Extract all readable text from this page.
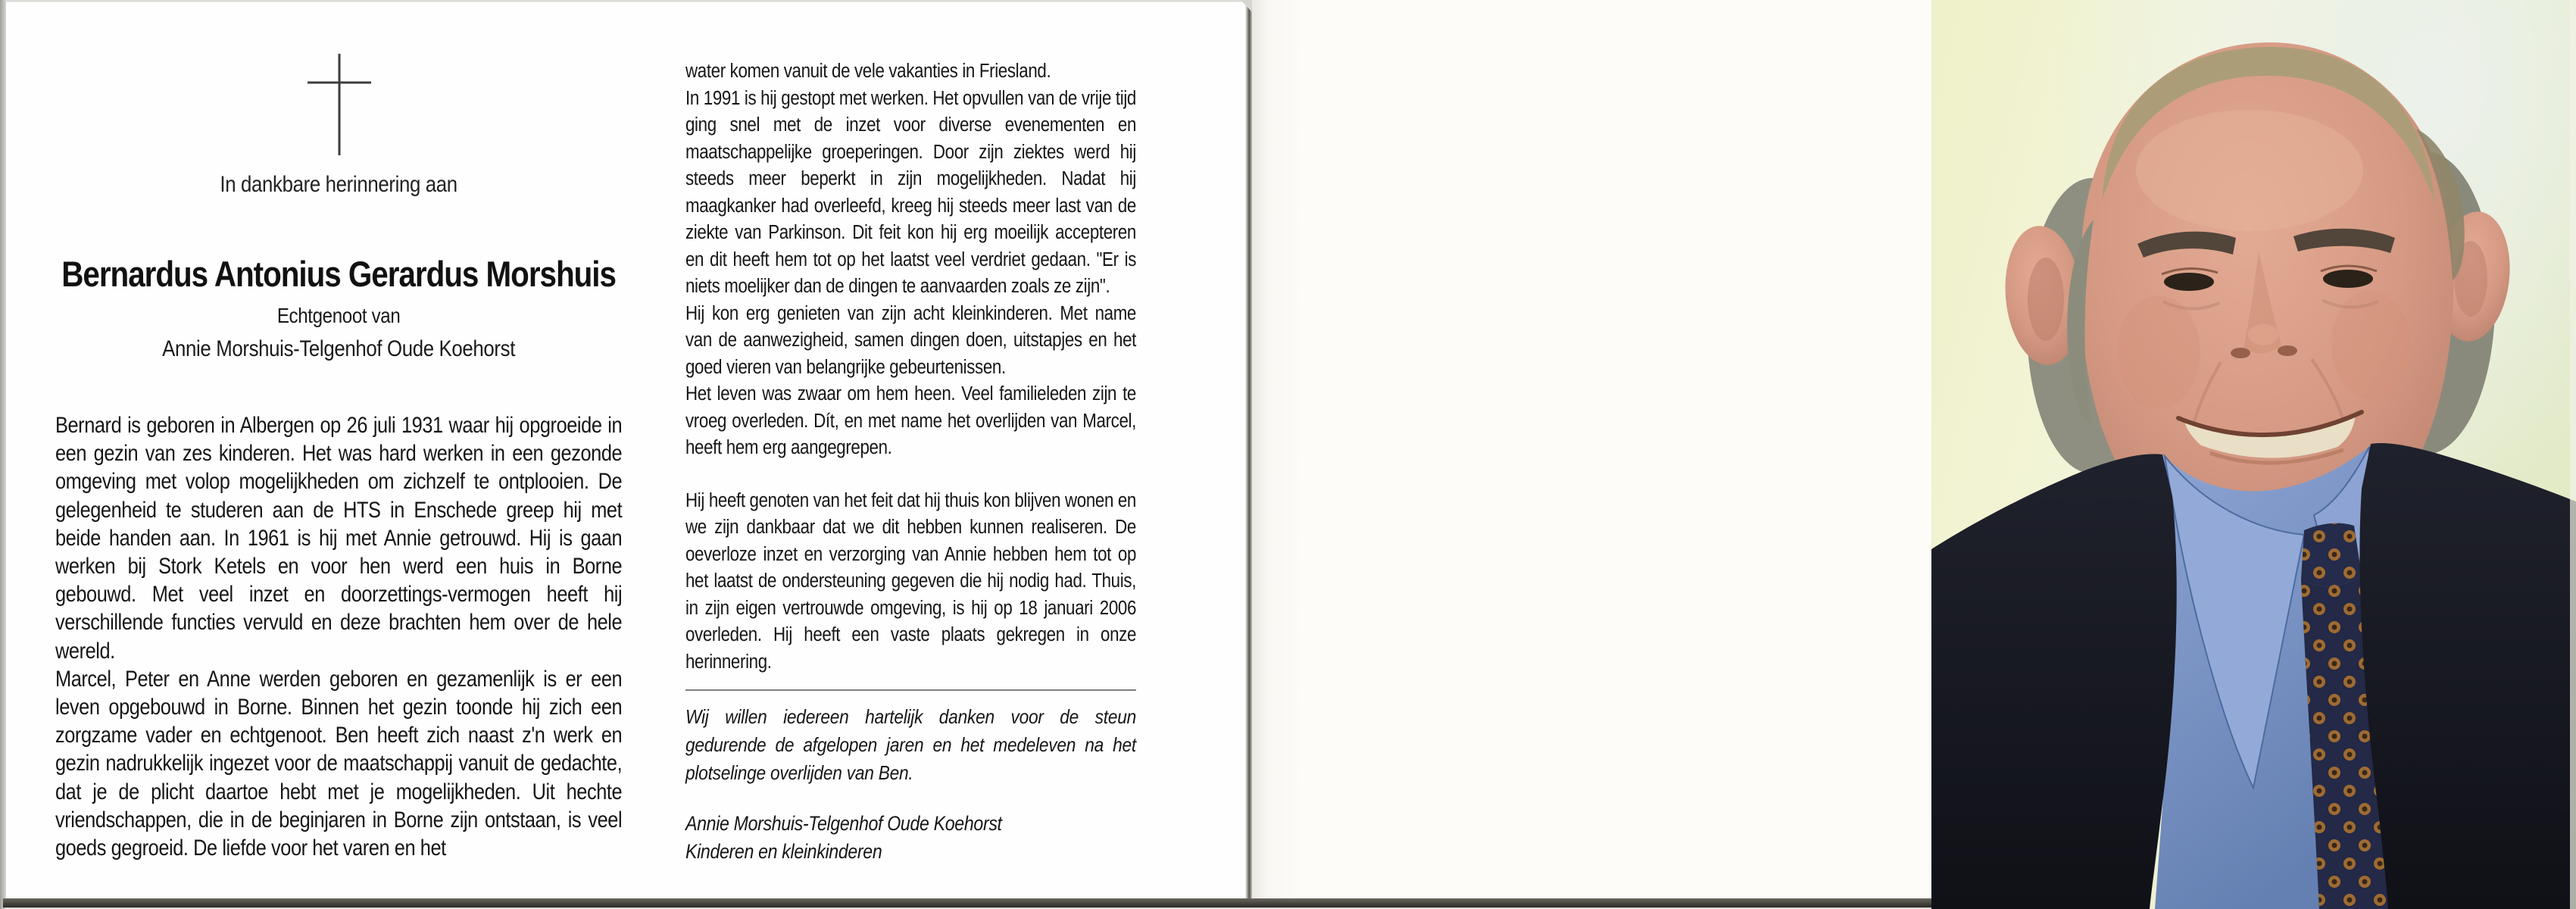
In dankbare herinnering aan
Bernardus Antonius Gerardus Morshuis
Echtgenoot van
Annie Morshuis-Telgenhof Oude Koehorst

Bernard is geboren in Albergen op 26 juli 1931 waar hij opgroeide in een gezin van zes kinderen. Het was hard werken in een gezonde omgeving met volop mogelijkheden om zichzelf te ontplooien. De gelegenheid te studeren aan de HTS in Enschede greep hij met beide handen aan. In 1961 is hij met Annie getrouwd. Hij is gaan werken bij Stork Ketels en voor hen werd een huis in Borne gebouwd. Met veel inzet en doorzettings-vermogen heeft hij verschillende functies vervuld en deze brachten hem over de hele wereld.

Marcel, Peter en Anne werden geboren en gezamenlijk is er een leven opgebouwd in Borne. Binnen het gezin toonde hij zich een zorgzame vader en echtgenoot. Ben heeft zich naast z'n werk en gezin nadrukkelijk ingezet voor de maatschappij vanuit de gedachte, dat je de plicht daartoe hebt met je mogelijkheden. Uit hechte vriendschappen, die in de beginjaren in Borne zijn ontstaan, is veel goeds gegroeid. De liefde voor het varen en het

water komen vanuit de vele vakanties in Friesland.

In 1991 is hij gestopt met werken. Het opvullen van de vrije tijd ging snel met de inzet voor diverse evenementen en maatschappelijke groeperingen. Door zijn ziektes werd hij steeds meer beperkt in zijn mogelijkheden. Nadat hij maagkanker had overleefd, kreeg hij steeds meer last van de ziekte van Parkinson. Dit feit kon hij erg moeilijk accepteren en dit heeft hem tot op het laatst veel verdriet gedaan. "Er is niets moelijker dan de dingen te aanvaarden zoals ze zijn".

Hij kon erg genieten van zijn acht kleinkinderen. Met name van de aanwezigheid, samen dingen doen, uitstapjes en het goed vieren van belangrijke gebeurtenissen.

Het leven was zwaar om hem heen. Veel familieleden zijn te vroeg overleden. Dít, en met name het overlijden van Marcel, heeft hem erg aangegrepen.

Hij heeft genoten van het feit dat hij thuis kon blijven wonen en we zijn dankbaar dat we dit hebben kunnen realiseren. De oeverloze inzet en verzorging van Annie hebben hem tot op het laatst de ondersteuning gegeven die hij nodig had. Thuis, in zijn eigen vertrouwde omgeving, is hij op 18 januari 2006 overleden. Hij heeft een vaste plaats gekregen in onze herinnering.

Wij willen iedereen hartelijk danken voor de steun gedurende de afgelopen jaren en het medeleven na het plotselinge overlijden van Ben.

Annie Morshuis-Telgenhof Oude Koehorst
Kinderen en kleinkinderen
